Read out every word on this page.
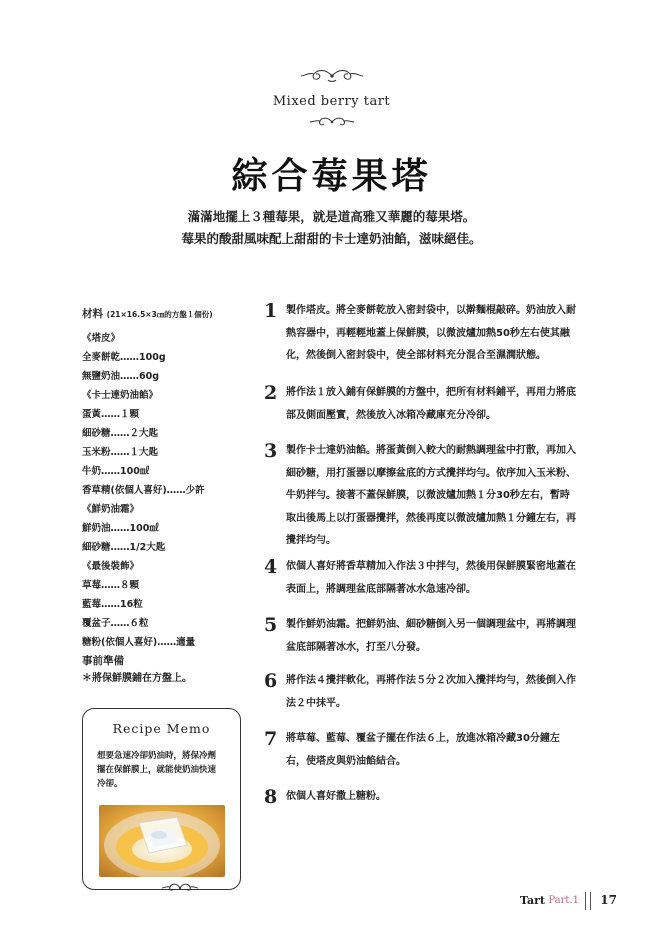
Mixed berry tart
綜合莓果塔
滿滿地擺上３種莓果，就是道高雅又華麗的莓果塔。
莓果的酸甜風味配上甜甜的卡士達奶油餡，滋味絕佳。
材料 (21×16.5×3㎝的方盤１個份)
《塔皮》
全麥餅乾……100g
無鹽奶油……60g
《卡士達奶油餡》
蛋黃……１顆
細砂糖……２大匙
玉米粉……１大匙
牛奶……100㎖
香草精(依個人喜好)……少許
《鮮奶油霜》
鮮奶油……100㎖
細砂糖……1/2大匙
《最後裝飾》
草莓……８顆
藍莓……16粒
覆盆子……６粒
糖粉(依個人喜好)……適量
事前準備
＊將保鮮膜鋪在方盤上。
Recipe Memo
想要急速冷卻奶油時，將保冷劑
擺在保鮮膜上，就能使奶油快速
冷卻。
1 製作塔皮。將全麥餅乾放入密封袋中，以擀麵棍敲碎。奶油放入耐
熱容器中，再輕輕地蓋上保鮮膜，以微波爐加熱50秒左右使其融
化，然後倒入密封袋中，使全部材料充分混合至濕潤狀態。
2 將作法１放入鋪有保鮮膜的方盤中，把所有材料鋪平，再用力將底
部及側面壓實，然後放入冰箱冷藏庫充分冷卻。
3 製作卡士達奶油餡。將蛋黃倒入較大的耐熱調理盆中打散，再加入
細砂糖，用打蛋器以摩擦盆底的方式攪拌均勻。依序加入玉米粉、
牛奶拌勻。接著不蓋保鮮膜，以微波爐加熱１分30秒左右，暫時
取出後馬上以打蛋器攪拌，然後再度以微波爐加熱１分鐘左右，再
攪拌均勻。
4 依個人喜好將香草精加入作法３中拌勻，然後用保鮮膜緊密地蓋在
表面上，將調理盆底部隔著冰水急速冷卻。
5 製作鮮奶油霜。把鮮奶油、細砂糖倒入另一個調理盆中，再將調理
盆底部隔著冰水，打至八分發。
6 將作法４攪拌軟化，再將作法５分２次加入攪拌均勻，然後倒入作
法２中抹平。
7 將草莓、藍莓、覆盆子擺在作法６上，放進冰箱冷藏30分鐘左
右，使塔皮與奶油餡結合。
8 依個人喜好撒上糖粉。
Tart Part.1 17
